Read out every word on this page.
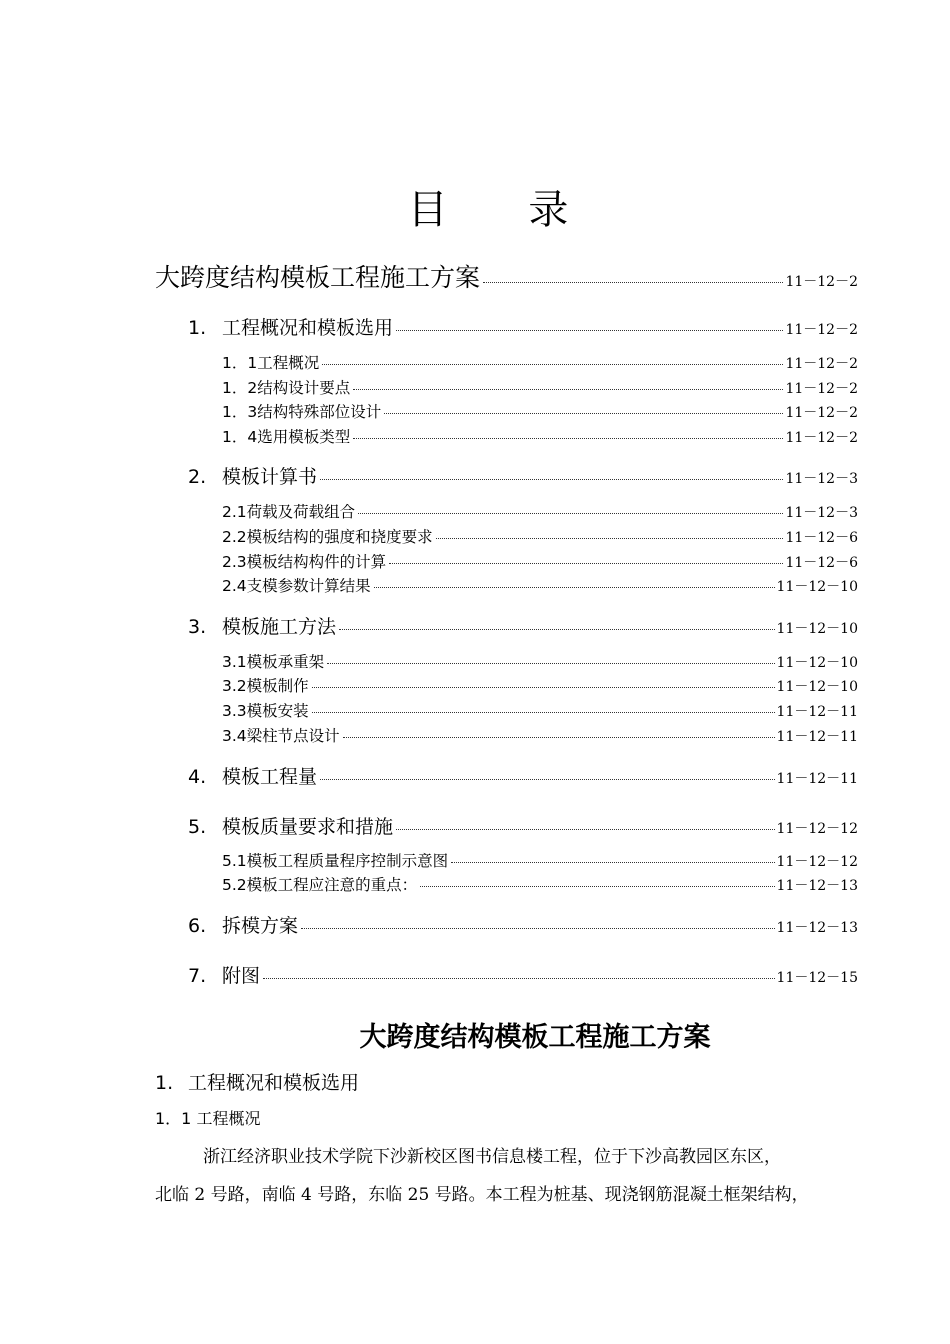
目 录
大跨度结构模板工程施工方案	11－12－2
1. 工程概况和模板选用	11－12－2
1．1工程概况	11－12－2
1．2结构设计要点	11－12－2
1．3结构特殊部位设计	11－12－2
1．4选用模板类型	11－12－2
2. 模板计算书	11－12－3
2.1荷载及荷载组合	11－12－3
2.2模板结构的强度和挠度要求	11－12－6
2.3模板结构构件的计算	11－12－6
2.4支模参数计算结果	11－12－10
3. 模板施工方法	11－12－10
3.1模板承重架	11－12－10
3.2模板制作	11－12－10
3.3模板安装	11－12－11
3.4梁柱节点设计	11－12－11
4. 模板工程量	11－12－11
5. 模板质量要求和措施	11－12－12
5.1模板工程质量程序控制示意图	11－12－12
5.2模板工程应注意的重点：	11－12－13
6. 拆模方案	11－12－13
7. 附图	11－12－15
大跨度结构模板工程施工方案
1. 工程概况和模板选用
1．1 工程概况
浙江经济职业技术学院下沙新校区图书信息楼工程，位于下沙高教园区东区，
北临 2 号路，南临 4 号路，东临 25 号路。本工程为桩基、现浇钢筋混凝土框架结构，
